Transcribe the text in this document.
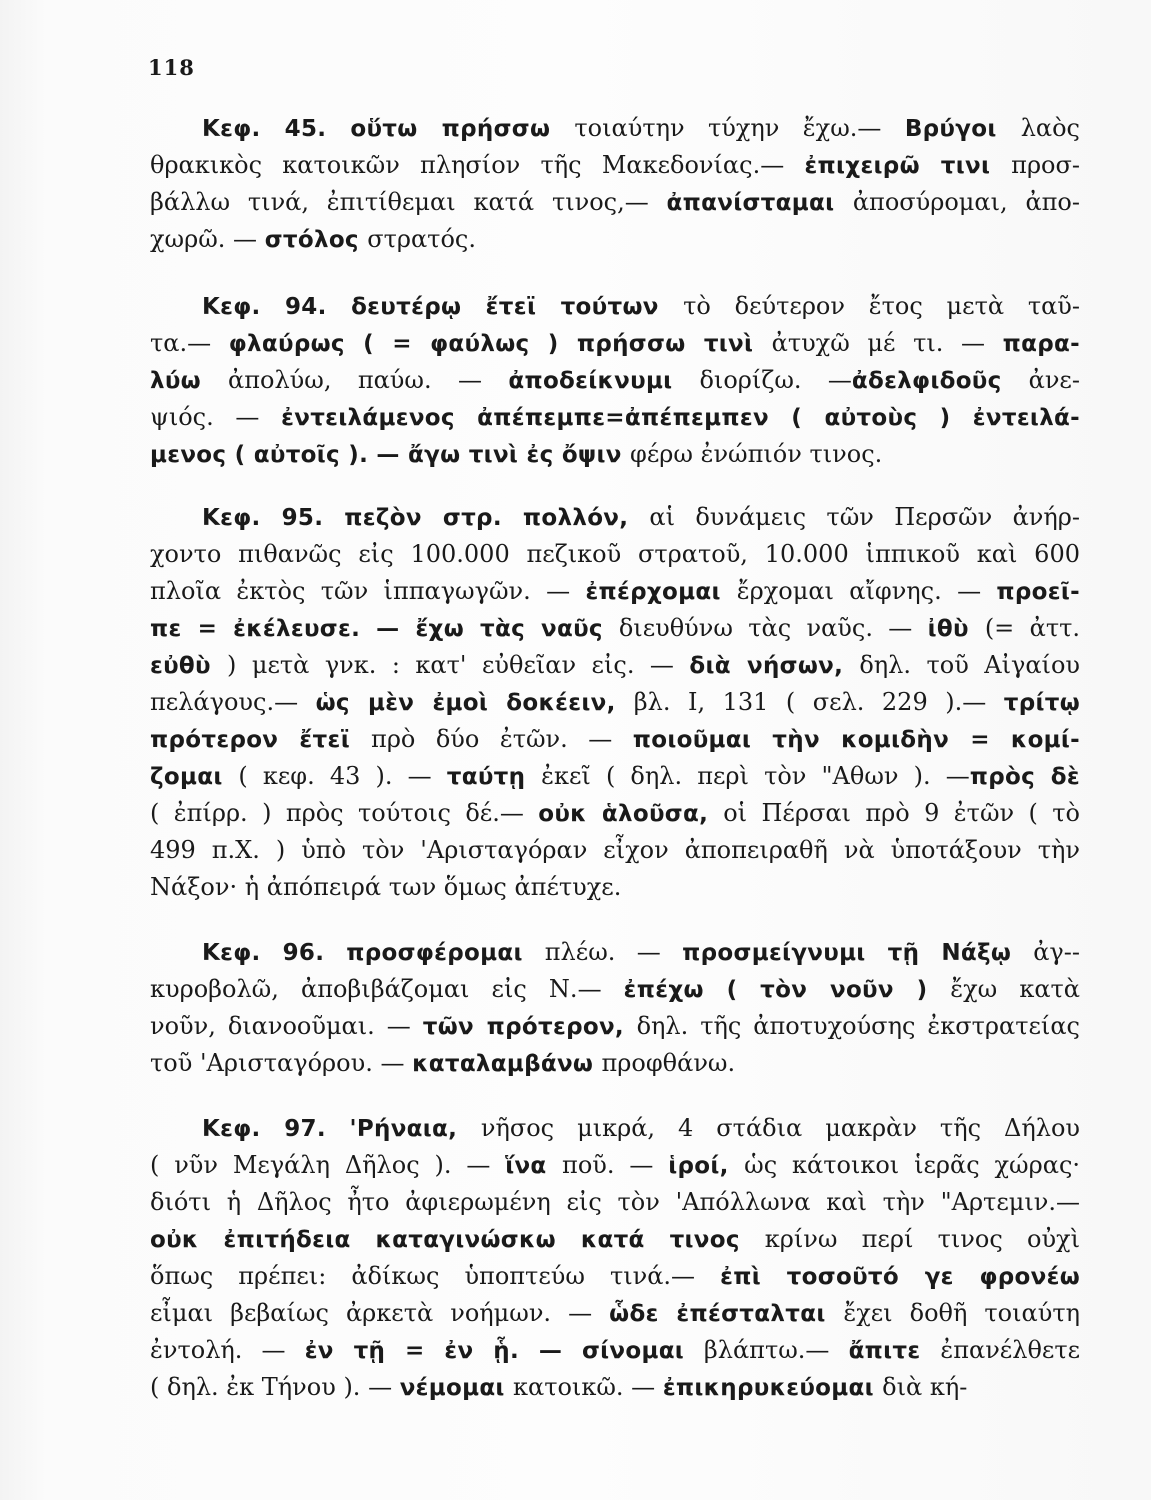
118
Κεφ. 45. οὕτω πρήσσω τοιαύτην τύχην ἔχω.— Βρύγοι λαὸς
θρακικὸς κατοικῶν πλησίον τῆς Μακεδονίας.— ἐπιχειρῶ τινι προσ-
βάλλω τινά, ἐπιτίθεμαι κατά τινος,— ἀπανίσταμαι ἀποσύρομαι, ἀπο-
χωρῶ. — στόλος στρατός.
Κεφ. 94. δευτέρῳ ἔτεϊ τούτων τὸ δεύτερον ἔτος μετὰ ταῦ-
τα.— φλαύρως ( = φαύλως ) πρήσσω τινὶ ἀτυχῶ μέ τι. — παρα-
λύω ἀπολύω, παύω. — ἀποδείκνυμι διορίζω. —ἀδελφιδοῦς ἀνε-
ψιός. — ἐντειλάμενος ἀπέπεμπε=ἀπέπεμπεν ( αὐτοὺς ) ἐντειλά-
μενος ( αὐτοῖς ). — ἄγω τινὶ ἐς ὄψιν φέρω ἐνώπιόν τινος.
Κεφ. 95. πεζὸν στρ. πολλόν, αἱ δυνάμεις τῶν Περσῶν ἀνήρ-
χοντο πιθανῶς εἰς 100.000 πεζικοῦ στρατοῦ, 10.000 ἱππικοῦ καὶ 600
πλοῖα ἐκτὸς τῶν ἱππαγωγῶν. — ἐπέρχομαι ἔρχομαι αἴφνης. — προεῖ-
πε = ἐκέλευσε. — ἔχω τὰς ναῦς διευθύνω τὰς ναῦς. — ἰθὺ (= ἀττ.
εὐθὺ ) μετὰ γνκ. : κατ' εὐθεῖαν εἰς. — διὰ νήσων, δηλ. τοῦ Αἰγαίου
πελάγους.— ὡς μὲν ἐμοὶ δοκέειν, βλ. I, 131 ( σελ. 229 ).— τρίτῳ
πρότερον ἔτεϊ πρὸ δύο ἐτῶν. — ποιοῦμαι τὴν κομιδὴν = κομί-
ζομαι ( κεφ. 43 ). — ταύτῃ ἐκεῖ ( δηλ. περὶ τὸν "Αθων ). —πρὸς δὲ
( ἐπίρρ. ) πρὸς τούτοις δέ.— οὐκ ἁλοῦσα, οἱ Πέρσαι πρὸ 9 ἐτῶν ( τὸ
499 π.Χ. ) ὑπὸ τὸν 'Αρισταγόραν εἶχον ἀποπειραθῆ νὰ ὑποτάξουν τὴν
Νάξον· ἡ ἀπόπειρά των ὅμως ἀπέτυχε.
Κεφ. 96. προσφέρομαι πλέω. — προσμείγνυμι τῇ Νάξῳ ἀγ--
κυροβολῶ, ἀποβιβάζομαι εἰς Ν.— ἐπέχω ( τὸν νοῦν ) ἔχω κατὰ
νοῦν, διανοοῦμαι. — τῶν πρότερον, δηλ. τῆς ἀποτυχούσης ἐκστρατείας
τοῦ 'Αρισταγόρου. — καταλαμβάνω προφθάνω.
Κεφ. 97. 'Ρήναια, νῆσος μικρά, 4 στάδια μακρὰν τῆς Δήλου
( νῦν Μεγάλη Δῆλος ). — ἵνα ποῦ. — ἱροί, ὡς κάτοικοι ἱερᾶς χώρας·
διότι ἡ Δῆλος ἦτο ἀφιερωμένη εἰς τὸν 'Απόλλωνα καὶ τὴν "Αρτεμιν.—
οὐκ ἐπιτήδεια καταγινώσκω κατά τινος κρίνω περί τινος οὐχὶ
ὅπως πρέπει: ἀδίκως ὑποπτεύω τινά.— ἐπὶ τοσοῦτό γε φρονέω
εἶμαι βεβαίως ἀρκετὰ νοήμων. — ὧδε ἐπέσταλται ἔχει δοθῆ τοιαύτη
ἐντολή. — ἐν τῇ = ἐν ᾗ. — σίνομαι βλάπτω.— ἄπιτε ἐπανέλθετε
( δηλ. ἐκ Τήνου ). — νέμομαι κατοικῶ. — ἐπικηρυκεύομαι διὰ κή-
